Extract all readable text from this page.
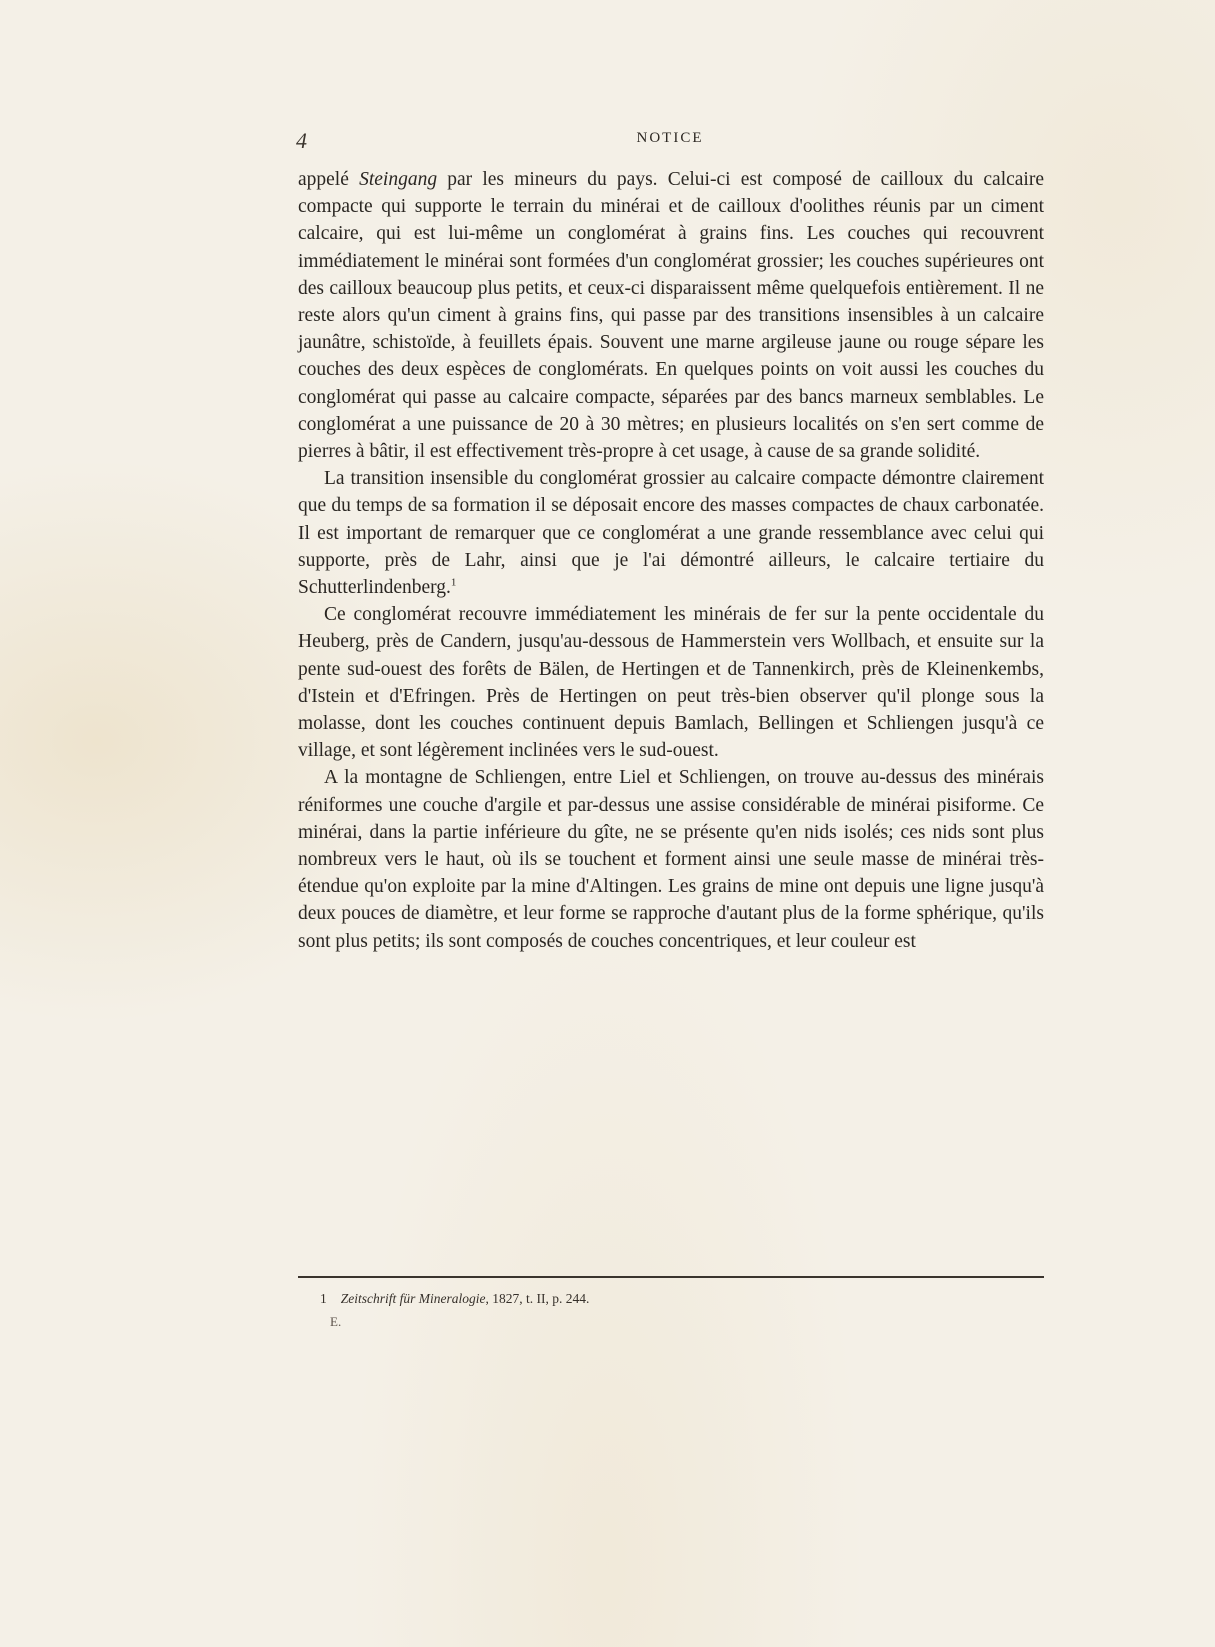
4	NOTICE

appelé Steingang par les mineurs du pays. Celui-ci est composé de cailloux du calcaire compacte qui supporte le terrain du minérai et de cailloux d'oolithes réunis par un ciment calcaire, qui est lui-même un conglomérat à grains fins. Les couches qui recouvrent immédiatement le minérai sont formées d'un conglomérat grossier; les couches supérieures ont des cailloux beaucoup plus petits, et ceux-ci disparaissent même quelquefois entièrement. Il ne reste alors qu'un ciment à grains fins, qui passe par des transitions insensibles à un calcaire jaunâtre, schistoïde, à feuillets épais. Souvent une marne argileuse jaune ou rouge sépare les couches des deux espèces de conglomérats. En quelques points on voit aussi les couches du conglomérat qui passe au calcaire compacte, séparées par des bancs marneux semblables. Le conglomérat a une puissance de 20 à 30 mètres; en plusieurs localités on s'en sert comme de pierres à bâtir, il est effectivement très-propre à cet usage, à cause de sa grande solidité.

La transition insensible du conglomérat grossier au calcaire compacte démontre clairement que du temps de sa formation il se déposait encore des masses compactes de chaux carbonatée. Il est important de remarquer que ce conglomérat a une grande ressemblance avec celui qui supporte, près de Lahr, ainsi que je l'ai démontré ailleurs, le calcaire tertiaire du Schutterlindenberg.$^1$

Ce conglomérat recouvre immédiatement les minérais de fer sur la pente occidentale du Heuberg, près de Candern, jusqu'au-dessous de Hammerstein vers Wollbach, et ensuite sur la pente sud-ouest des forêts de Bälen, de Hertingen et de Tannenkirch, près de Kleinenkembs, d'Istein et d'Efringen. Près de Hertingen on peut très-bien observer qu'il plonge sous la molasse, dont les couches continuent depuis Bamlach, Bellingen et Schliengen jusqu'à ce village, et sont légèrement inclinées vers le sud-ouest.

A la montagne de Schliengen, entre Liel et Schliengen, on trouve au-dessus des minérais réniformes une couche d'argile et par-dessus une assise considérable de minérai pisiforme. Ce minérai, dans la partie inférieure du gîte, ne se présente qu'en nids isolés; ces nids sont plus nombreux vers le haut, où ils se touchent et forment ainsi une seule masse de minérai très-étendue qu'on exploite par la mine d'Altingen. Les grains de mine ont depuis une ligne jusqu'à deux pouces de diamètre, et leur forme se rapproche d'autant plus de la forme sphérique, qu'ils sont plus petits; ils sont composés de couches concentriques, et leur couleur est

1 Zeitschrift für Mineralogie, 1827, t. II, p. 244.
E.
